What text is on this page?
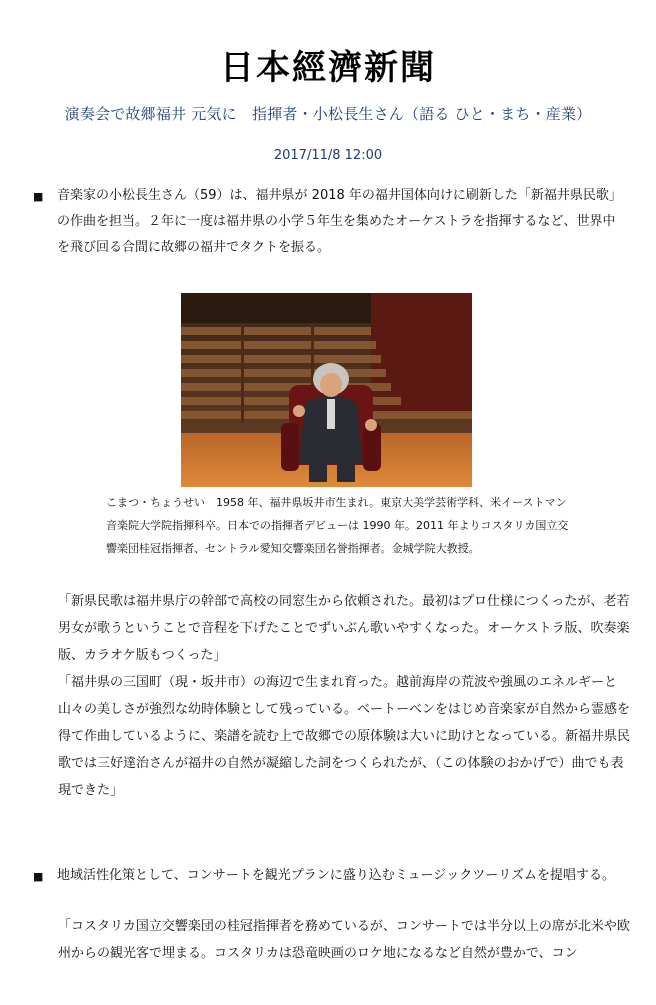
日本經濟新聞
演奏会で故郷福井 元気に　指揮者・小松長生さん（語る ひと・まち・産業）
2017/11/8 12:00
■ 音楽家の小松長生さん（59）は、福井県が 2018 年の福井国体向けに刷新した「新福井県民歌」の作曲を担当。２年に一度は福井県の小学５年生を集めたオーケストラを指揮するなど、世界中を飛び回る合間に故郷の福井でタクトを振る。

こまつ・ちょうせい　1958 年、福井県坂井市生まれ。東京大美学芸術学科、米イーストマン音楽院大学院指揮科卒。日本での指揮者デビューは 1990 年。2011 年よりコスタリカ国立交響楽団桂冠指揮者、セントラル愛知交響楽団名誉指揮者。金城学院大教授。

「新県民歌は福井県庁の幹部で高校の同窓生から依頼された。最初はプロ仕様につくったが、老若男女が歌うということで音程を下げたことでずいぶん歌いやすくなった。オーケストラ版、吹奏楽版、カラオケ版もつくった」
「福井県の三国町（現・坂井市）の海辺で生まれ育った。越前海岸の荒波や強風のエネルギーと山々の美しさが強烈な幼時体験として残っている。ベートーベンをはじめ音楽家が自然から霊感を得て作曲しているように、楽譜を読む上で故郷での原体験は大いに助けとなっている。新福井県民歌では三好達治さんが福井の自然が凝縮した詞をつくられたが、（この体験のおかげで）曲でも表現できた」
■ 地域活性化策として、コンサートを観光プランに盛り込むミュージックツーリズムを提唱する。

「コスタリカ国立交響楽団の桂冠指揮者を務めているが、コンサートでは半分以上の席が北米や欧州からの観光客で埋まる。コスタリカは恐竜映画のロケ地になるなど自然が豊かで、コン
